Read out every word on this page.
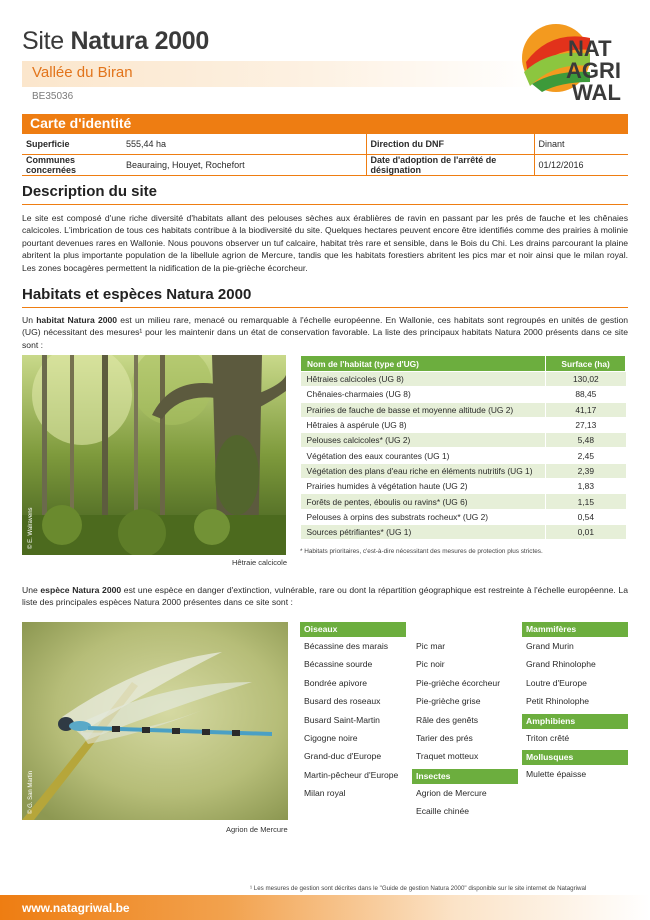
Site Natura 2000
Vallée du Biran
BE35036
NAT
AGRI
WAL
Carte d'identité
Superficie	555,44 ha	Direction du DNF	Dinant
Communes concernées	Beauraing, Houyet, Rochefort	Date d'adoption de l'arrêté de désignation	01/12/2016
Description du site
Le site est composé d'une riche diversité d'habitats allant des pelouses sèches aux érablières de ravin en passant par les prés de fauche et les chênaies calcicoles. L'imbrication de tous ces habitats contribue à la biodiversité du site. Quelques hectares peuvent encore être identifiés comme des prairies à molinie pourtant devenues rares en Wallonie. Nous pouvons observer un tuf calcaire, habitat très rare et sensible, dans le Bois du Chi. Les drains parcourant la plaine abritent la plus importante population de la libellule agrion de Mercure, tandis que les habitats forestiers abritent les pics mar et noir ainsi que le milan royal. Les zones bocagères permettent la nidification de la pie-grièche écorcheur.
Habitats et espèces Natura 2000
Un habitat Natura 2000 est un milieu rare, menacé ou remarquable à l'échelle européenne. En Wallonie, ces habitats sont regroupés en unités de gestion (UG) nécessitant des mesures¹ pour les maintenir dans un état de conservation favorable. La liste des principaux habitats Natura 2000 présents dans ce site sont :
© E. Walravens
Hêtraie calcicole
Nom de l'habitat (type d'UG)	Surface (ha)
Hêtraies calcicoles (UG 8)	130,02
Chênaies-charmaies (UG 8)	88,45
Prairies de fauche de basse et moyenne altitude (UG 2)	41,17
Hêtraies à aspérule (UG 8)	27,13
Pelouses calcicoles* (UG 2)	5,48
Végétation des eaux courantes (UG 1)	2,45
Végétation des plans d'eau riche en éléments nutritifs (UG 1)	2,39
Prairies humides à végétation haute (UG 2)	1,83
Forêts de pentes, éboulis ou ravins* (UG 6)	1,15
Pelouses à orpins des substrats rocheux* (UG 2)	0,54
Sources pétrifiantes* (UG 1)	0,01
* Habitats prioritaires, c'est-à-dire nécessitant des mesures de protection plus strictes.
Une espèce Natura 2000 est une espèce en danger d'extinction, vulnérable, rare ou dont la répartition géographique est restreinte à l'échelle européenne. La liste des principales espèces Natura 2000 présentes dans ce site sont :
© G. San Martin
Agrion de Mercure
Oiseaux
Bécassine des marais
Bécassine sourde
Bondrée apivore
Busard des roseaux
Busard Saint-Martin
Cigogne noire
Grand-duc d'Europe
Martin-pêcheur d'Europe
Milan royal
Pic mar
Pic noir
Pie-grièche écorcheur
Pie-grièche grise
Râle des genêts
Tarier des prés
Traquet motteux
Insectes
Agrion de Mercure
Ecaille chinée
Mammifères
Grand Murin
Grand Rhinolophe
Loutre d'Europe
Petit Rhinolophe
Amphibiens
Triton crêté
Mollusques
Mulette épaisse
¹ Les mesures de gestion sont décrites dans le "Guide de gestion Natura 2000" disponible sur le site internet de Natagriwal
www.natagriwal.be
